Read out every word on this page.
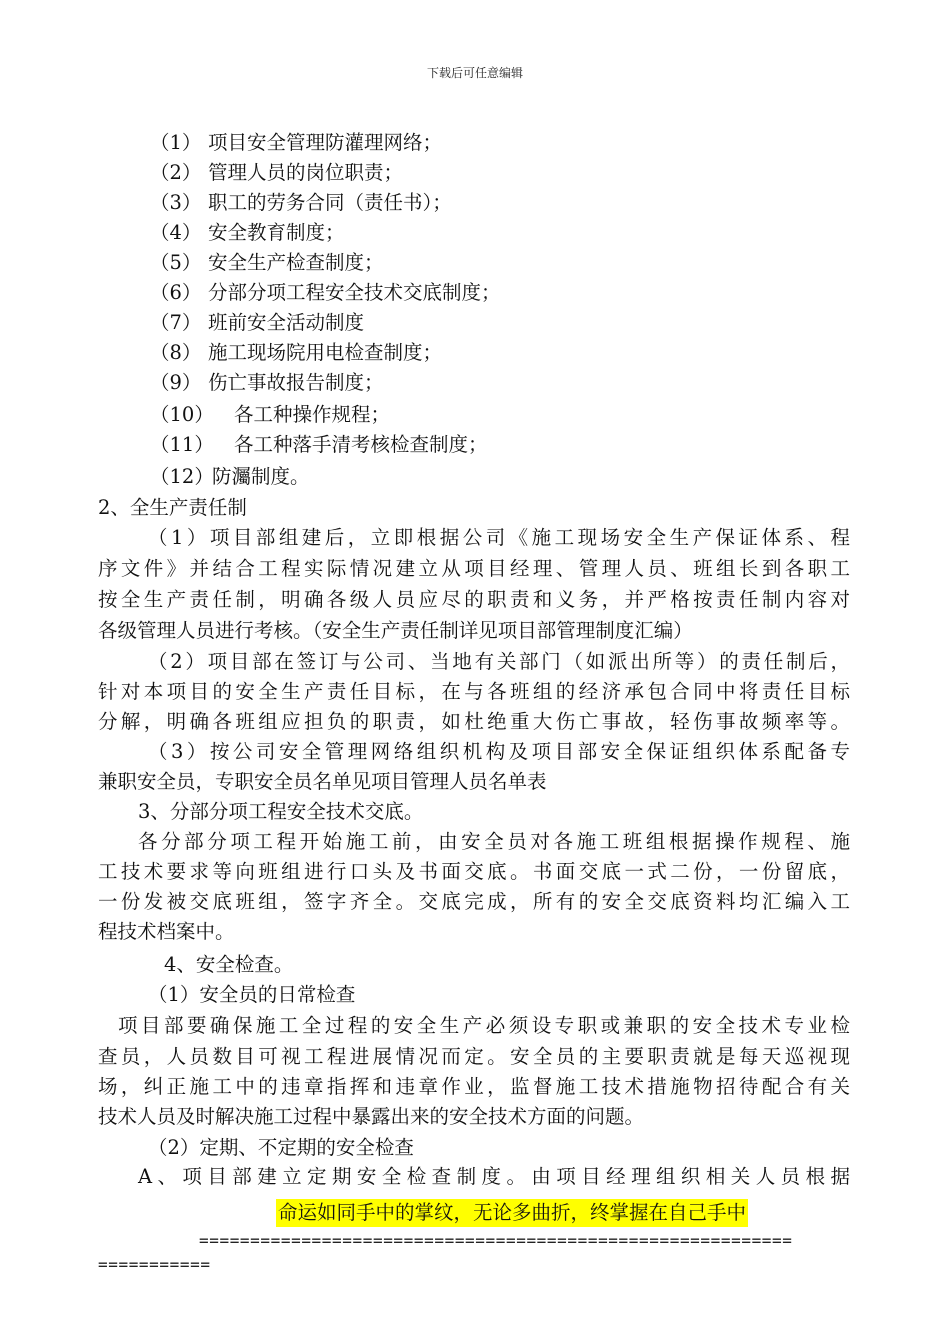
下载后可任意编辑
（1） 项目安全管理防灌理网络；
（2） 管理人员的岗位职责；
（3） 职工的劳务合同（责任书）；
（4） 安全教育制度；
（5） 安全生产检查制度；
（6） 分部分项工程安全技术交底制度；
（7） 班前安全活动制度
（8） 施工现场院用电检查制度；
（9） 伤亡事故报告制度；
（10） 各工种操作规程；
（11） 各工种落手清考核检查制度；
（12）防灟制度。
2、全生产责任制
（1）项目部组建后，立即根据公司《施工现场安全生产保证体系、程
序文件》并结合工程实际情况建立从项目经理、管理人员、班组长到各职工
按全生产责任制，明确各级人员应尽的职责和义务，并严格按责任制内容对
各级管理人员进行考核。（安全生产责任制详见项目部管理制度汇编）
（2）项目部在签订与公司、当地有关部门（如派出所等）的责任制后，
针对本项目的安全生产责任目标，在与各班组的经济承包合同中将责任目标
分解，明确各班组应担负的职责，如杜绝重大伤亡事故，轻伤事故频率等。
（3）按公司安全管理网络组织机构及项目部安全保证组织体系配备专
兼职安全员，专职安全员名单见项目管理人员名单表
3、分部分项工程安全技术交底。
各分部分项工程开始施工前，由安全员对各施工班组根据操作规程、施
工技术要求等向班组进行口头及书面交底。书面交底一式二份，一份留底，
一份发被交底班组，签字齐全。交底完成，所有的安全交底资料均汇编入工
程技术档案中。
4、安全检查。
（1）安全员的日常检查
项目部要确保施工全过程的安全生产必须设专职或兼职的安全技术专业检
查员，人员数目可视工程进展情况而定。安全员的主要职责就是每天巡视现
场，纠正施工中的违章指挥和违章作业，监督施工技术措施物招待配合有关
技术人员及时解决施工过程中暴露出来的安全技术方面的问题。
（2）定期、不定期的安全检查
A、项目部建立定期安全检查制度。由项目经理组织相关人员根据
命运如同手中的掌纹，无论多曲折，终掌握在自己手中
==========================================================
===========
